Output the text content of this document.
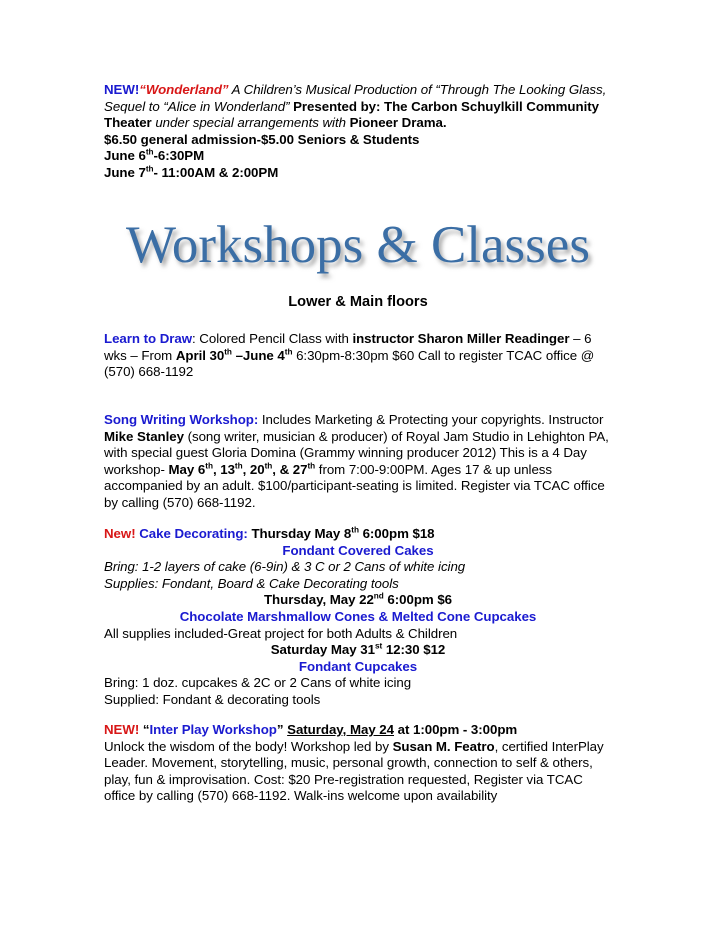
NEW!“Wonderland” A Children’s Musical Production of “Through The Looking Glass, Sequel to “Alice in Wonderland” Presented by: The Carbon Schuylkill Community Theater under special arrangements with Pioneer Drama.
$6.50 general admission-$5.00 Seniors & Students
June 6th-6:30PM
June 7th- 11:00AM & 2:00PM
Workshops & Classes
Lower & Main floors
Learn to Draw: Colored Pencil Class with instructor Sharon Miller Readinger – 6 wks – From April 30th –June 4th 6:30pm-8:30pm $60 Call to register TCAC office @ (570) 668-1192
Song Writing Workshop: Includes Marketing & Protecting your copyrights. Instructor Mike Stanley (song writer, musician & producer) of Royal Jam Studio in Lehighton PA, with special guest Gloria Domina (Grammy winning producer 2012) This is a 4 Day workshop- May 6th, 13th, 20th, & 27th from 7:00-9:00PM. Ages 17 & up unless accompanied by an adult. $100/participant-seating is limited. Register via TCAC office by calling (570) 668-1192.
New! Cake Decorating: Thursday May 8th 6:00pm $18
Fondant Covered Cakes
Bring: 1-2 layers of cake (6-9in) & 3 C or 2 Cans of white icing
Supplies: Fondant, Board & Cake Decorating tools
Thursday, May 22nd 6:00pm $6
Chocolate Marshmallow Cones & Melted Cone Cupcakes
All supplies included-Great project for both Adults & Children
Saturday May 31st 12:30 $12
Fondant Cupcakes
Bring: 1 doz. cupcakes & 2C or 2 Cans of white icing
Supplied: Fondant & decorating tools
NEW! “Inter Play Workshop” Saturday, May 24 at 1:00pm - 3:00pm
Unlock the wisdom of the body! Workshop led by Susan M. Featro, certified InterPlay Leader. Movement, storytelling, music, personal growth, connection to self & others, play, fun & improvisation. Cost: $20 Pre-registration requested, Register via TCAC office by calling (570) 668-1192. Walk-ins welcome upon availability
